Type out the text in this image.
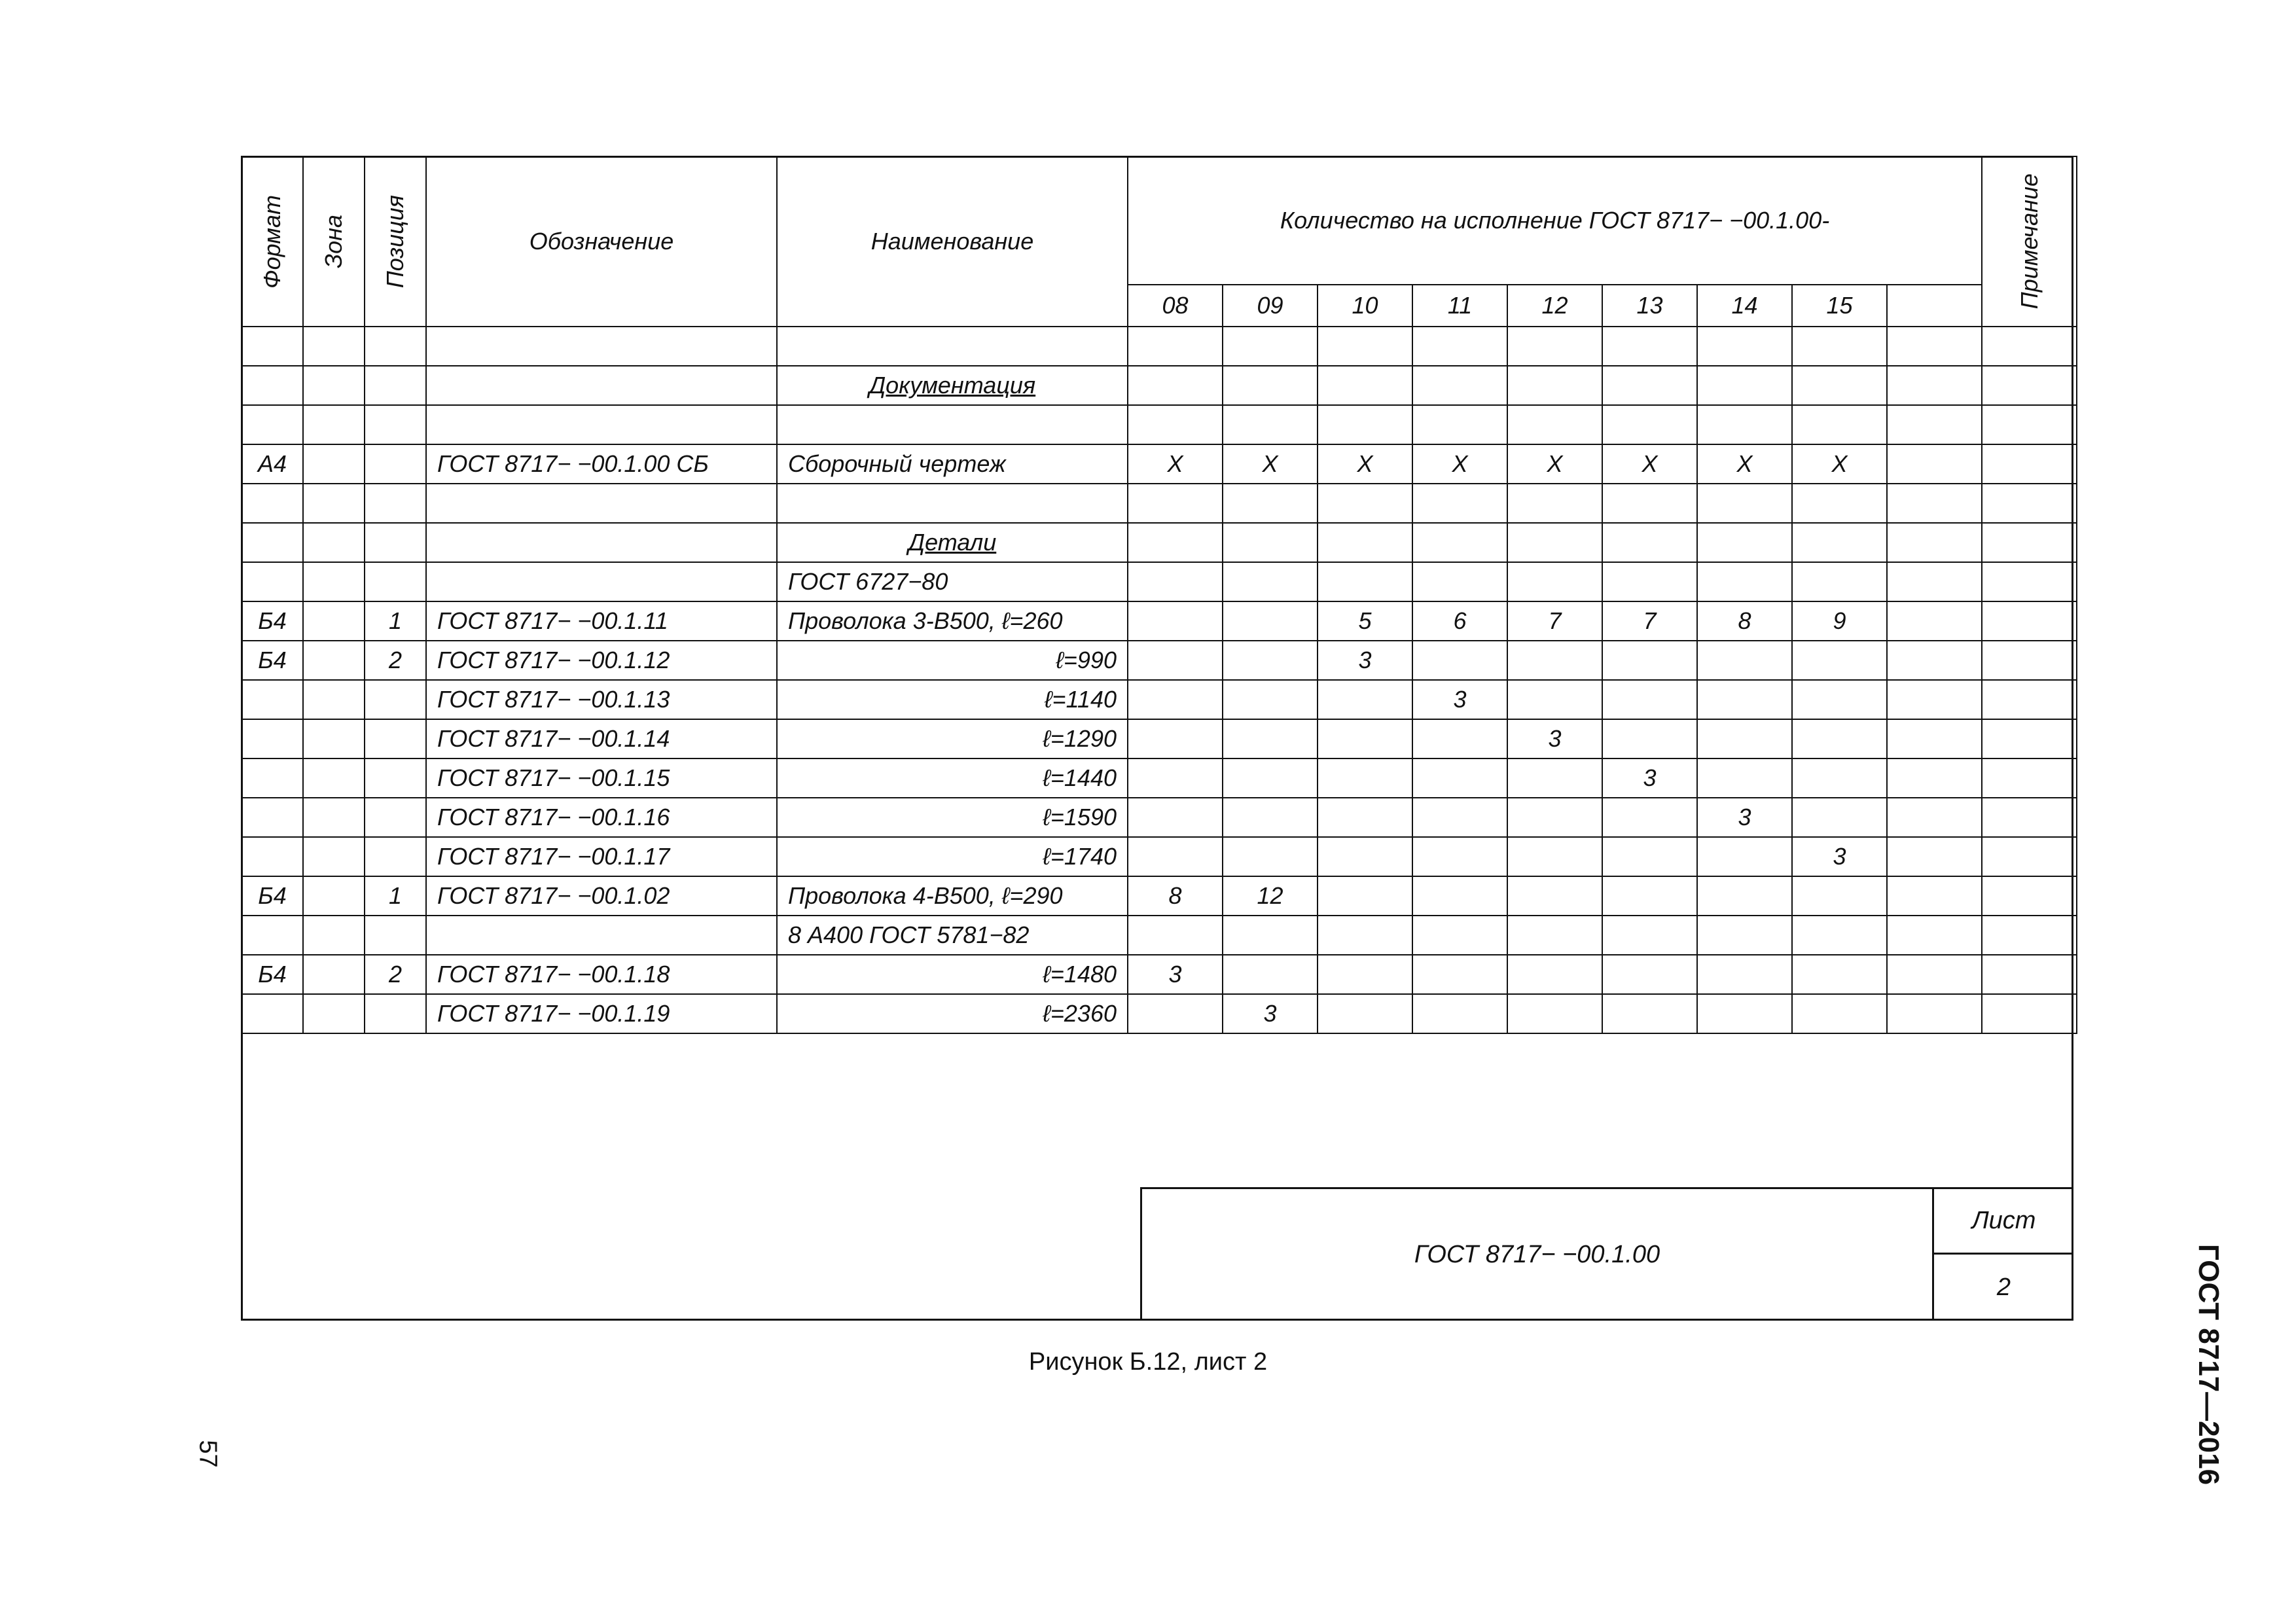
Формат	Зона	Позиция	Обозначение	Наименование	Количество на исполнение ГОСТ 8717− −00.1.00-									Примечание

					08	09	10	11	12	13	14	15		

				Документация										

А4			ГОСТ 8717− −00.1.00 СБ	Сборочный чертеж	Х	Х	Х	Х	Х	Х	Х	Х		

				Детали										
				ГОСТ 6727−80										
Б4		1	ГОСТ 8717− −00.1.11	Проволока 3-В500, ℓ=260			5	6	7	7	8	9		
Б4		2	ГОСТ 8717− −00.1.12	ℓ=990			3							
			ГОСТ 8717− −00.1.13	ℓ=1140				3						
			ГОСТ 8717− −00.1.14	ℓ=1290					3					
			ГОСТ 8717− −00.1.15	ℓ=1440						3				
			ГОСТ 8717− −00.1.16	ℓ=1590							3			
			ГОСТ 8717− −00.1.17	ℓ=1740								3		
Б4		1	ГОСТ 8717− −00.1.02	Проволока 4-В500, ℓ=290	8	12								
				8 А400 ГОСТ 5781−82										
Б4		2	ГОСТ 8717− −00.1.18	ℓ=1480	3									
			ГОСТ 8717− −00.1.19	ℓ=2360		3								
ГОСТ 8717− −00.1.00
Лист
2
Рисунок Б.12, лист 2
57	ГОСТ 8717—2016
